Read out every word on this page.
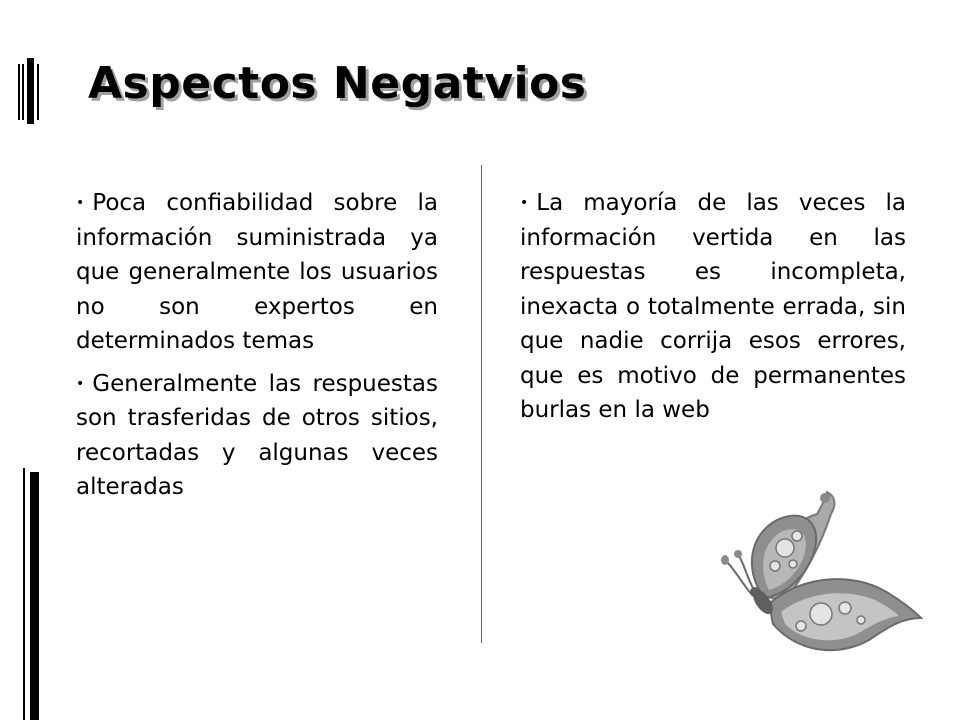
Aspectos Negatvios

• Poca confiabilidad sobre la información suministrada ya que generalmente los usuarios no son expertos en determinados temas

• Generalmente las respuestas son trasferidas de otros sitios, recortadas y algunas veces alteradas

• La mayoría de las veces la información vertida en las respuestas es incompleta, inexacta o totalmente errada, sin que nadie corrija esos errores, que es motivo de permanentes burlas en la web
